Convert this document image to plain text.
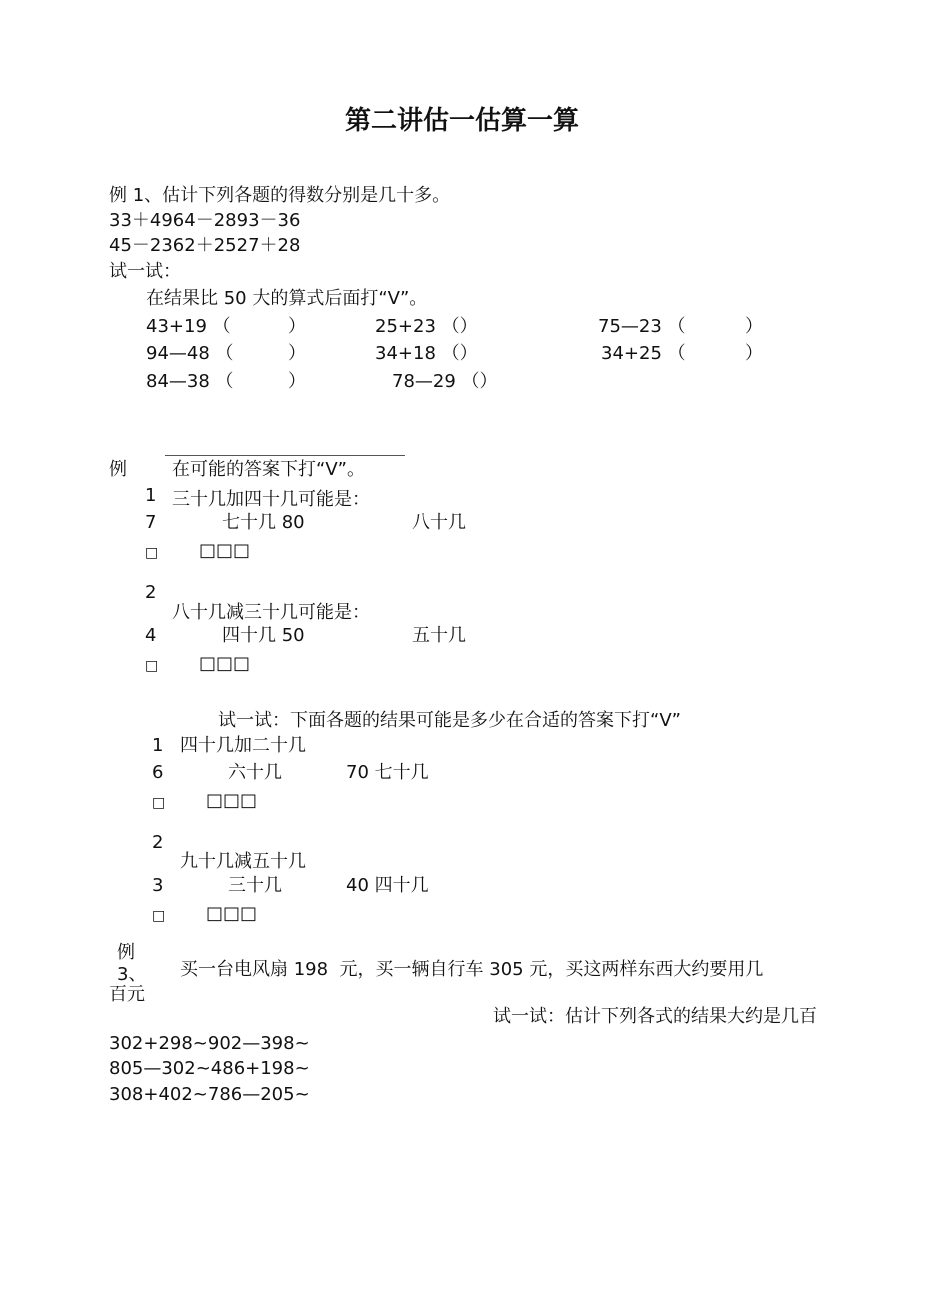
第二讲估一估算一算
例 1、估计下列各题的得数分别是几十多。
33＋4964－2893－36
45－2362＋2527＋28
试一试：
在结果比 50 大的算式后面打“V”。
43+19 （	）	25+23 （）	75—23 （	）
94—48 （	）	34+18 （）	34+25 （	）
84—38 （	）	78—29 （）
例	在可能的答案下打“V”。
1 三十几加四十几可能是：
7	七十几 80	八十几
□ □□□
2
八十几减三十几可能是：
4	四十几 50	五十几
□ □□□
试一试：下面各题的结果可能是多少在合适的答案下打“V”
1 四十几加二十几
6	六十几	70 七十几
□ □□□
2
九十几减五十几
3	三十几	40 四十几
□ □□□
例
3、 买一台电风扇 198  元，买一辆自行车 305 元，买这两样东西大约要用几
百元
试一试：估计下列各式的结果大约是几百
302+298~902—398~
805—302~486+198~
308+402~786—205~
